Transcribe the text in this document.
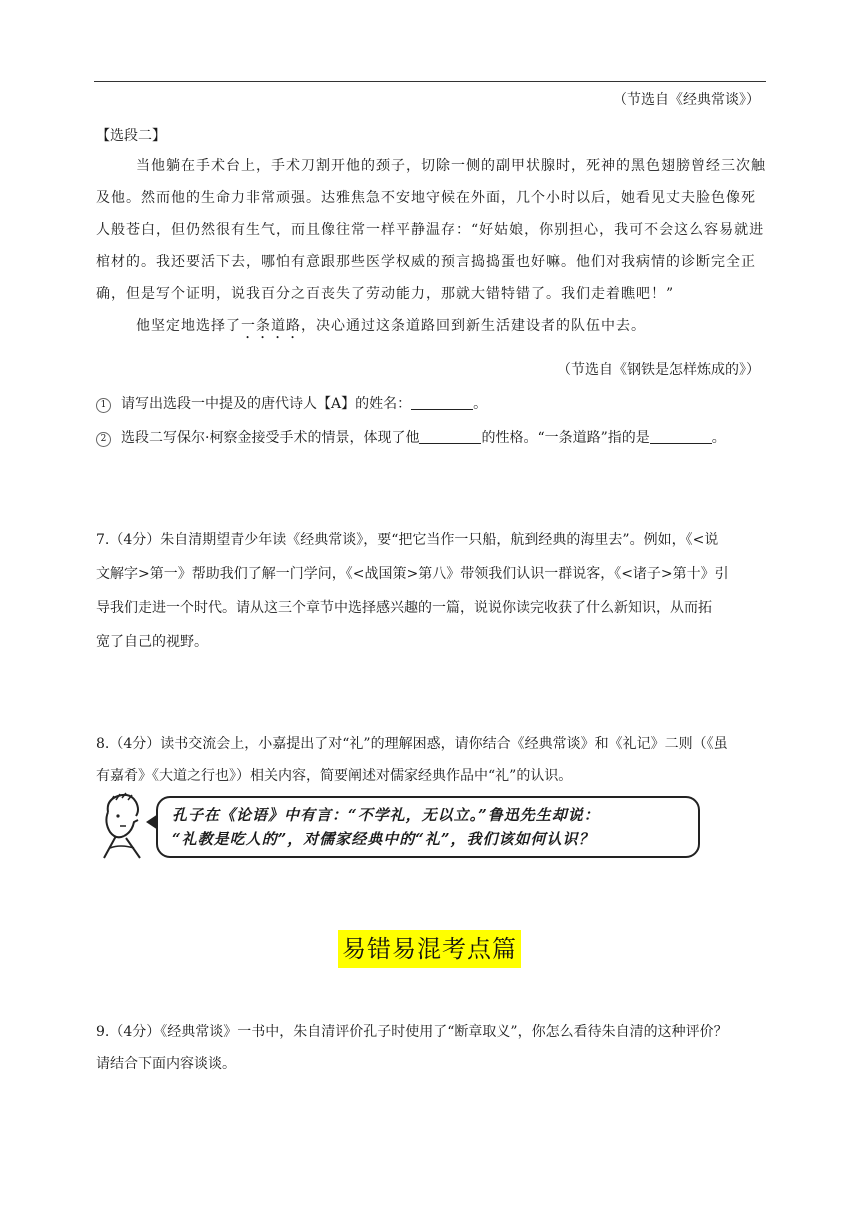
（节选自《经典常谈》）
【选段二】
当他躺在手术台上，手术刀割开他的颈子，切除一侧的副甲状腺时，死神的黑色翅膀曾经三次触
及他。然而他的生命力非常顽强。达雅焦急不安地守候在外面，几个小时以后，她看见丈夫脸色像死
人般苍白，但仍然很有生气，而且像往常一样平静温存：“好姑娘，你别担心，我可不会这么容易就进
棺材的。我还要活下去，哪怕有意跟那些医学权威的预言捣捣蛋也好嘛。他们对我病情的诊断完全正
确，但是写个证明，说我百分之百丧失了劳动能力，那就大错特错了。我们走着瞧吧！”
他坚定地选择了一条道路，决心通过这条道路回到新生活建设者的队伍中去。
（节选自《钢铁是怎样炼成的》）
1 请写出选段一中提及的唐代诗人【A】的姓名：	。
2 选段二写保尔·柯察金接受手术的情景，体现了他	的性格。“一条道路”指的是	。
7.（4分）朱自清期望青少年读《经典常谈》，要“把它当作一只船，航到经典的海里去”。例如，《<说
文解字>第一》帮助我们了解一门学问，《<战国策>第八》带领我们认识一群说客，《<诸子>第十》引
导我们走进一个时代。请从这三个章节中选择感兴趣的一篇，说说你读完收获了什么新知识，从而拓
宽了自己的视野。
8.（4分）读书交流会上，小嘉提出了对“礼”的理解困惑，请你结合《经典常谈》和《礼记》二则（《虽
有嘉肴》《大道之行也》）相关内容，简要阐述对儒家经典作品中“礼”的认识。
孔子在《论语》中有言：“不学礼，无以立。”鲁迅先生却说：
“礼教是吃人的”，对儒家经典中的“礼”，我们该如何认识？
易错易混考点篇
9.（4分）《经典常谈》一书中，朱自清评价孔子时使用了“断章取义”，你怎么看待朱自清的这种评价？
请结合下面内容谈谈。
